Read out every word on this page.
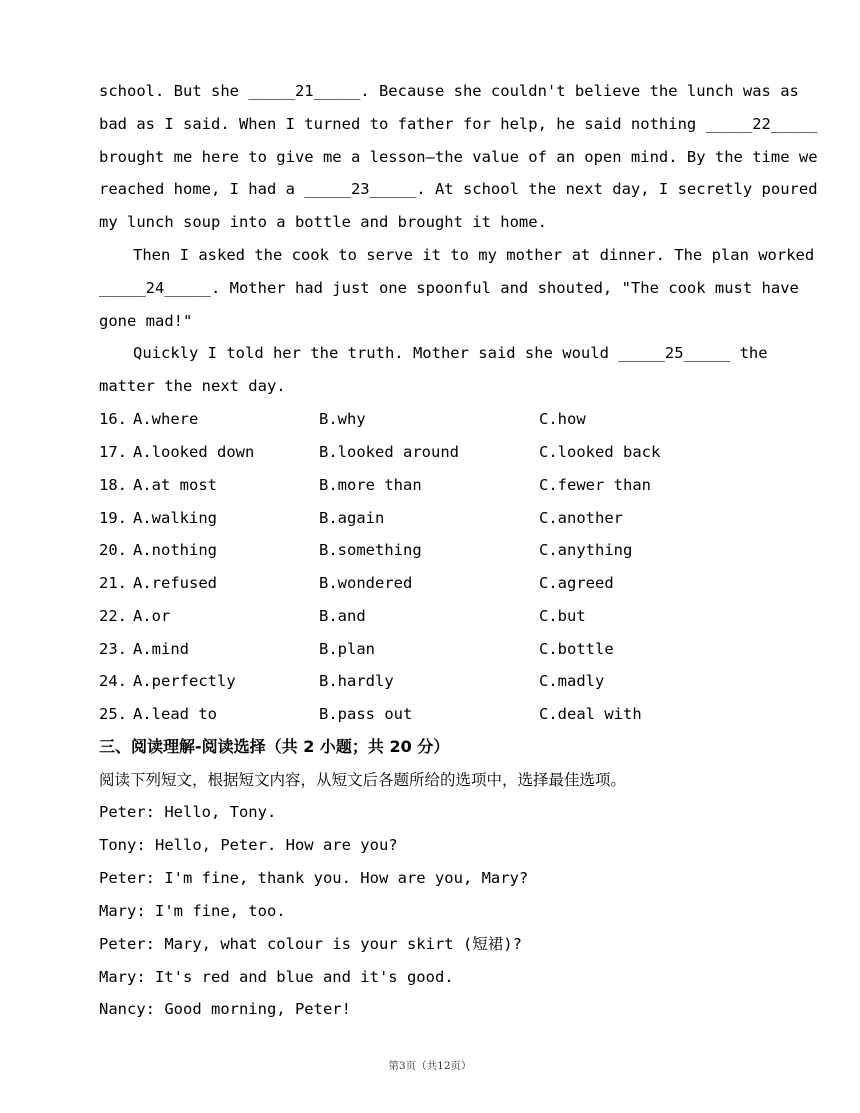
school. But she _____21_____. Because she couldn't believe the lunch was as
bad as I said. When I turned to father for help, he said nothing _____22_____
brought me here to give me a lesson—the value of an open mind. By the time we
reached home, I had a _____23_____. At school the next day, I secretly poured
my lunch soup into a bottle and brought it home.
Then I asked the cook to serve it to my mother at dinner. The plan worked
_____24_____. Mother had just one spoonful and shouted, "The cook must have
gone mad!"
Quickly I told her the truth. Mother said she would _____25_____ the
matter the next day.
16. A.where	B.why	C.how
17. A.looked down	B.looked around	C.looked back
18. A.at most	B.more than	C.fewer than
19. A.walking	B.again	C.another
20. A.nothing	B.something	C.anything
21. A.refused	B.wondered	C.agreed
22. A.or	B.and	C.but
23. A.mind	B.plan	C.bottle
24. A.perfectly	B.hardly	C.madly
25. A.lead to	B.pass out	C.deal with
三、阅读理解-阅读选择（共 2 小题；共 20 分）
阅读下列短文，根据短文内容，从短文后各题所给的选项中，选择最佳选项。
Peter: Hello, Tony.
Tony: Hello, Peter. How are you?
Peter: I'm fine, thank you. How are you, Mary?
Mary: I'm fine, too.
Peter: Mary, what colour is your skirt (短裙)?
Mary: It's red and blue and it's good.
Nancy: Good morning, Peter!
第3页（共12页）
